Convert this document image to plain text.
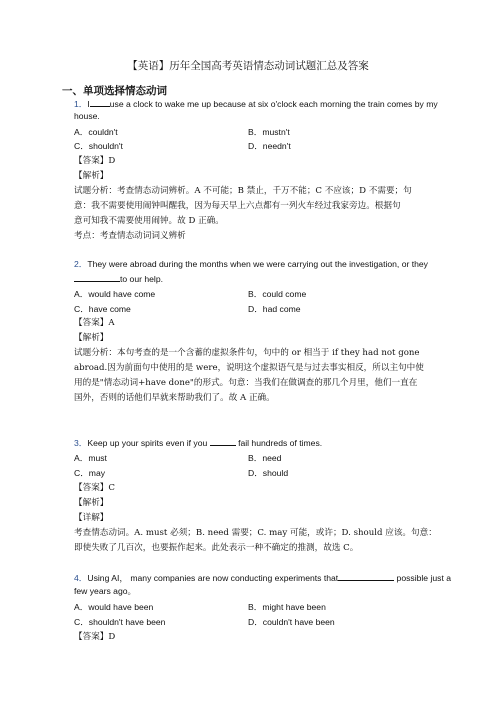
【英语】历年全国高考英语情态动词试题汇总及答案
一、单项选择情态动词
1．I use a clock to wake me up because at six o'clock each morning the train comes by my
house.
A．couldn't	B．mustn't
C．shouldn't	D．needn't
【答案】D
【解析】
试题分析：考查情态动词辨析。A 不可能；B 禁止，千万不能；C 不应该；D 不需要；句
意：我不需要使用闹钟叫醒我，因为每天早上六点都有一列火车经过我家旁边。根据句
意可知我不需要使用闹钟。故 D 正确。
考点：考查情态动词词义辨析
2．They were abroad during the months when we were carrying out the investigation, or they
to our help.
A．would have come	B．could come
C．have come	D．had come
【答案】A
【解析】
试题分析：本句考查的是一个含蓄的虚拟条件句，句中的 or 相当于 if they had not gone
abroad.因为前面句中使用的是 were，说明这个虚拟语气是与过去事实相反，所以主句中使
用的是"情态动词+have done"的形式。句意：当我们在做调查的那几个月里，他们一直在
国外，否则的话他们早就来帮助我们了。故 A 正确。
3．Keep up your spirits even if you	fail hundreds of times.
A．must	B．need
C．may	D．should
【答案】C
【解析】
【详解】
考查情态动词。A. must 必须；B. need 需要；C. may 可能，或许；D. should 应该。句意：
即使失败了几百次，也要振作起来。此处表示一种不确定的推测，故选 C。
4．Using AI， many companies are now conducting experiments that	possible just a
few years ago。
A．would have been	B．might have been
C．shouldn't have been	D．couldn't have been
【答案】D
